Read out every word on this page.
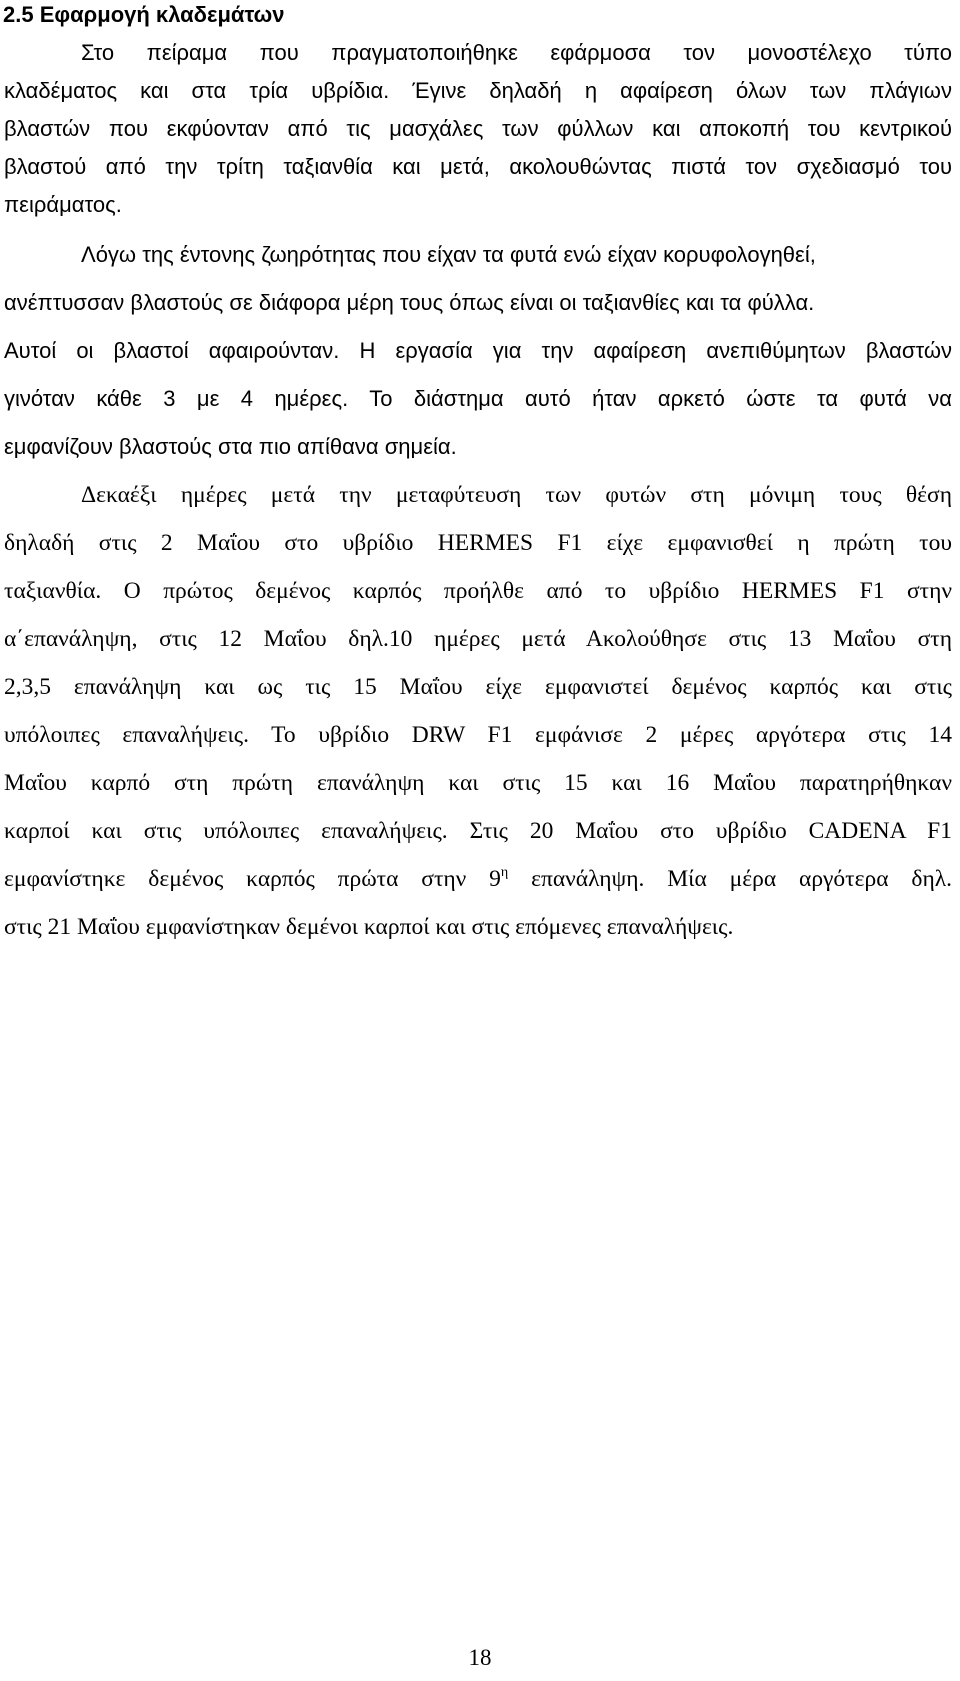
2.5 Εφαρμογή κλαδεμάτων

Στο πείραμα που πραγματοποιήθηκε εφάρμοσα τον μονοστέλεχο τύπο

κλαδέματος και στα τρία υβρίδια. Έγινε δηλαδή η αφαίρεση όλων των πλάγιων

βλαστών που εκφύονταν από τις μασχάλες των φύλλων και αποκοπή του κεντρικού

βλαστού από την τρίτη ταξιανθία και μετά, ακολουθώντας πιστά τον σχεδιασμό του

πειράματος.

Λόγω της έντονης ζωηρότητας που είχαν τα φυτά ενώ είχαν κορυφολογηθεί,

ανέπτυσσαν βλαστούς σε διάφορα μέρη τους όπως είναι οι ταξιανθίες και τα φύλλα.

Αυτοί οι βλαστοί αφαιρούνταν. Η εργασία για την αφαίρεση ανεπιθύμητων βλαστών

γινόταν κάθε 3 με 4 ημέρες. Το διάστημα αυτό ήταν αρκετό ώστε τα φυτά να

εμφανίζουν βλαστούς στα πιο απίθανα σημεία.

Δεκαέξι ημέρες μετά την μεταφύτευση των φυτών στη μόνιμη τους θέση

δηλαδή στις 2 Μαΐου στο υβρίδιο HERMES F1 είχε εμφανισθεί η πρώτη του

ταξιανθία. Ο πρώτος δεμένος καρπός προήλθε από το υβρίδιο HERMES F1 στην

α΄επανάληψη, στις 12 Μαΐου δηλ.10 ημέρες μετά Ακολούθησε στις 13 Μαΐου στη

2,3,5 επανάληψη και ως τις 15 Μαΐου είχε εμφανιστεί δεμένος καρπός και στις

υπόλοιπες επαναλήψεις. Το υβρίδιο DRW F1 εμφάνισε 2 μέρες αργότερα στις 14

Μαΐου καρπό στη πρώτη επανάληψη και στις 15 και 16 Μαΐου παρατηρήθηκαν

καρποί και στις υπόλοιπες επαναλήψεις. Στις 20 Μαΐου στο υβρίδιο CADENA F1

εμφανίστηκε δεμένος καρπός πρώτα στην $9^\eta$ επανάληψη. Μία μέρα αργότερα δηλ.

στις 21 Μαΐου εμφανίστηκαν δεμένοι καρποί και στις επόμενες επαναλήψεις.

18
